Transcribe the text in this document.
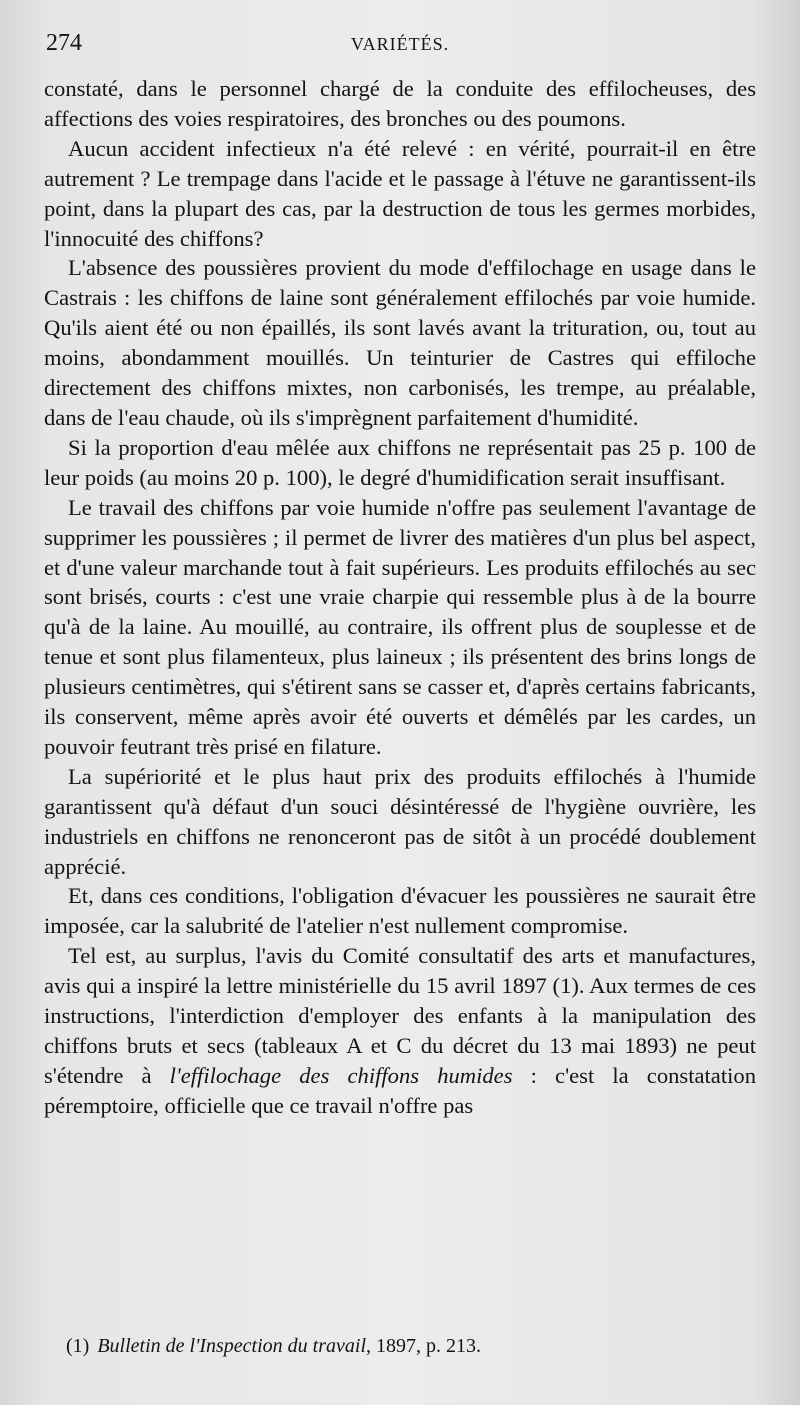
274	VARIÉTÉS.

constaté, dans le personnel chargé de la conduite des effilocheuses, des affections des voies respiratoires, des bronches ou des poumons.

Aucun accident infectieux n'a été relevé : en vérité, pourrait-il en être autrement ? Le trempage dans l'acide et le passage à l'étuve ne garantissent-ils point, dans la plupart des cas, par la destruction de tous les germes morbides, l'innocuité des chiffons?

L'absence des poussières provient du mode d'effilochage en usage dans le Castrais : les chiffons de laine sont généralement effilochés par voie humide. Qu'ils aient été ou non épaillés, ils sont lavés avant la trituration, ou, tout au moins, abondamment mouillés. Un teinturier de Castres qui effiloche directement des chiffons mixtes, non carbonisés, les trempe, au préalable, dans de l'eau chaude, où ils s'imprègnent parfaitement d'humidité.

Si la proportion d'eau mêlée aux chiffons ne représentait pas 25 p. 100 de leur poids (au moins 20 p. 100), le degré d'humidification serait insuffisant.

Le travail des chiffons par voie humide n'offre pas seulement l'avantage de supprimer les poussières ; il permet de livrer des matières d'un plus bel aspect, et d'une valeur marchande tout à fait supérieurs. Les produits effilochés au sec sont brisés, courts : c'est une vraie charpie qui ressemble plus à de la bourre qu'à de la laine. Au mouillé, au contraire, ils offrent plus de souplesse et de tenue et sont plus filamenteux, plus laineux ; ils présentent des brins longs de plusieurs centimètres, qui s'étirent sans se casser et, d'après certains fabricants, ils conservent, même après avoir été ouverts et démêlés par les cardes, un pouvoir feutrant très prisé en filature.

La supériorité et le plus haut prix des produits effilochés à l'humide garantissent qu'à défaut d'un souci désintéressé de l'hygiène ouvrière, les industriels en chiffons ne renonceront pas de sitôt à un procédé doublement apprécié.

Et, dans ces conditions, l'obligation d'évacuer les poussières ne saurait être imposée, car la salubrité de l'atelier n'est nullement compromise.

Tel est, au surplus, l'avis du Comité consultatif des arts et manufactures, avis qui a inspiré la lettre ministérielle du 15 avril 1897 (1). Aux termes de ces instructions, l'interdiction d'employer des enfants à la manipulation des chiffons bruts et secs (tableaux A et C du décret du 13 mai 1893) ne peut s'étendre à l'effilochage des chiffons humides : c'est la constatation péremptoire, officielle que ce travail n'offre pas

(1) Bulletin de l'Inspection du travail, 1897, p. 213.
